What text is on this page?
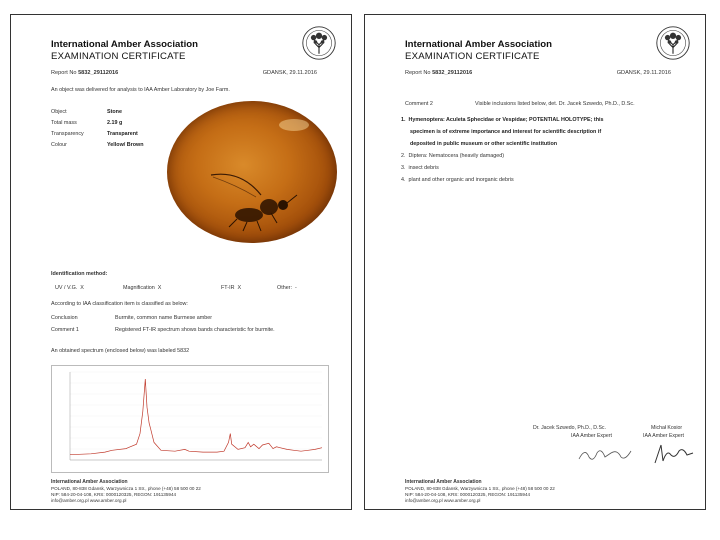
International Amber Association
EXAMINATION CERTIFICATE
Report No 5832_29112016	GDANSK, 29.11.2016
An object was delivered for analysis to IAA Amber Laboratory by Joe Farm.
Object	Stone
Total mass	2.19 g
Transparency	Transparent
Colour	Yellow/ Brown
Identification method:
UV / V.G. X	Magnification X	FT-IR X	Other: -
According to IAA classification item is classified as below:
Conclusion	Burmite, common name Burmese amber
Comment 1	Registered FT-IR spectrum shows bands characteristic for burmite.
An obtained spectrum (enclosed below) was labeled 5832
International Amber Association
POLAND, 80-838 Gdansk, Warzywnicza 1 Str., phone (+48) 58 500 00 22
NIP: 584-20-04-108, KRS: 0000120325, REGON: 191135944
info@amber.org.pl www.amber.org.pl
International Amber Association
EXAMINATION CERTIFICATE
Report No 5832_29112016	GDANSK, 29.11.2016
Comment 2	Visible inclusions listed below, det. Dr. Jacek Szwedo, Ph.D., D.Sc.
1. Hymenoptera: Aculeta Sphecidae or Vespidae; POTENTIAL HOLOTYPE; this
specimen is of extreme importance and interest for scientific description if
deposited in public museum or other scientific institution
2. Diptera: Nematocera (heavily damaged)
3. insect debris
4. plant and other organic and inorganic debris
Dr. Jacek Szwedo, Ph.D., D.Sc.
IAA Amber Expert
Michał Kosior
IAA Amber Expert
International Amber Association
POLAND, 80-838 Gdansk, Warzywnicza 1 Str., phone (+48) 58 500 00 22
NIP: 584-20-04-108, KRS: 0000120325, REGON: 191135944
info@amber.org.pl www.amber.org.pl
